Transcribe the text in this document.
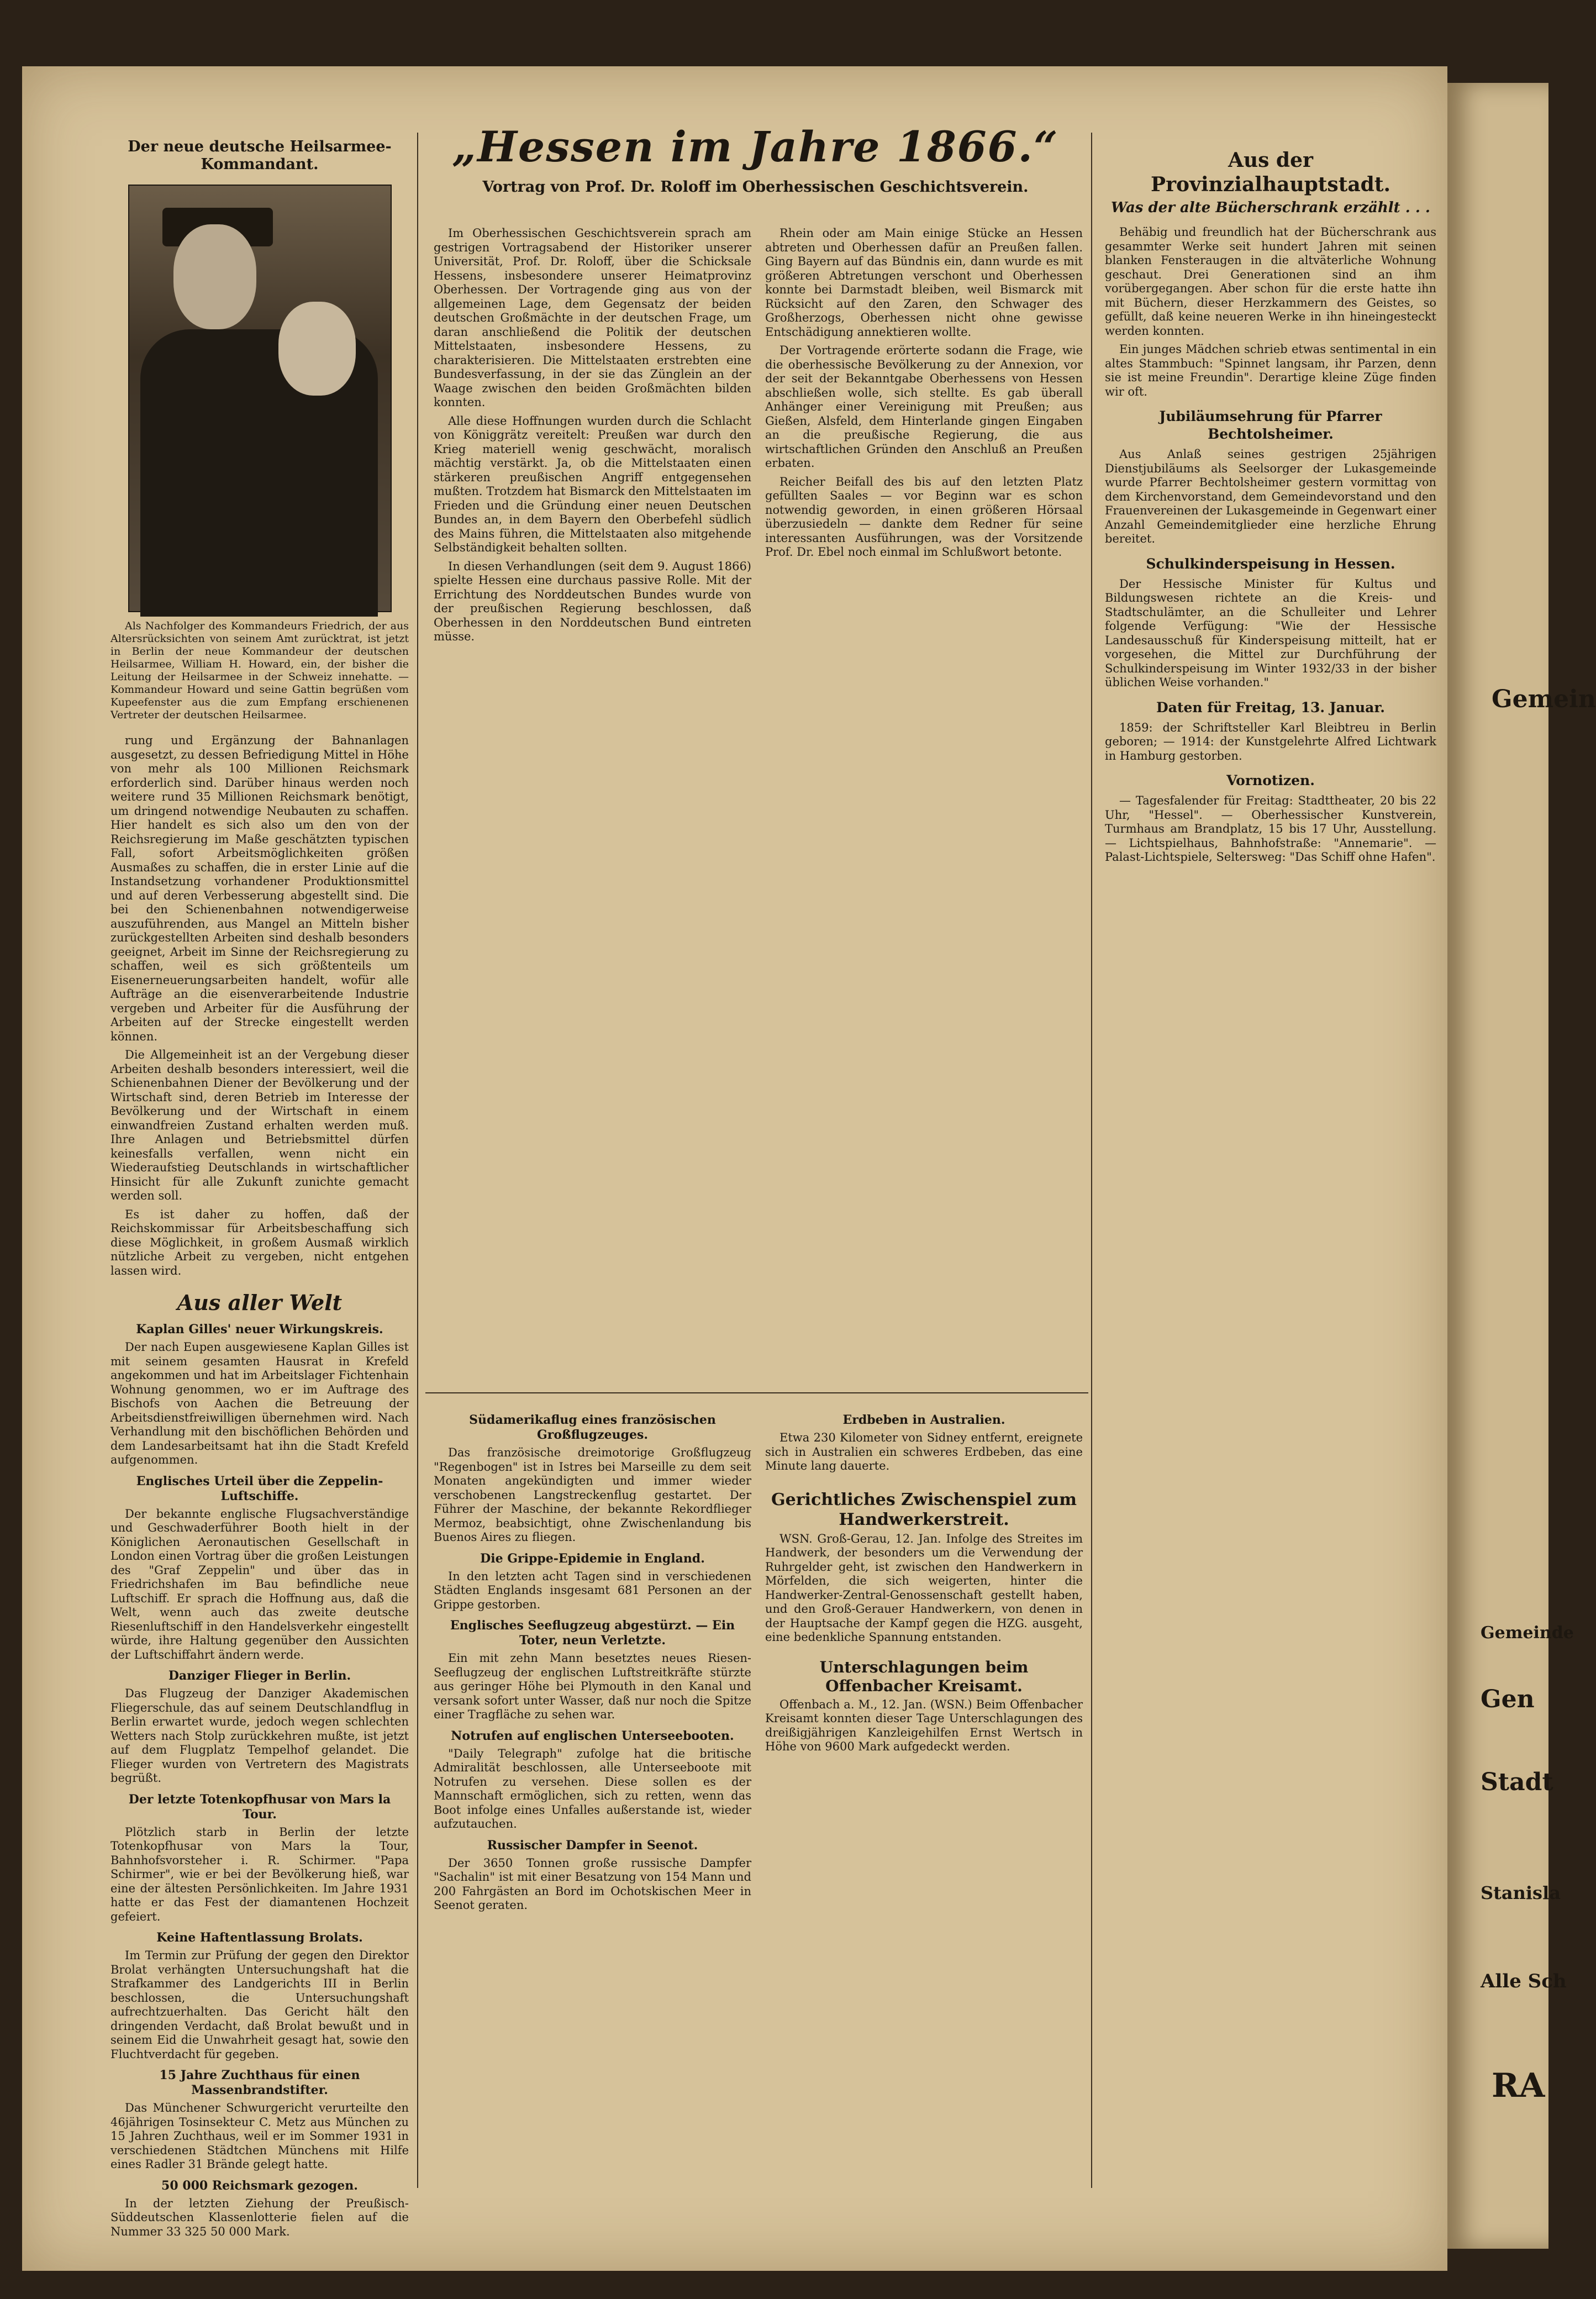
Der neue deutsche Heilsarmee-Kommandant.

Als Nachfolger des Kommandeurs Friedrich, der aus Altersrücksichten von seinem Amt zurücktrat, ist jetzt in Berlin der neue Kommandeur der deutschen Heilsarmee, William H. Howard, ein, der bisher die Leitung der Heilsarmee in der Schweiz innehatte. — Kommandeur Howard und seine Gattin begrüßen vom Kupeefenster aus die zum Empfang erschienenen Vertreter der deutschen Heilsarmee.

rung und Ergänzung der Bahnanlagen ausgesetzt, zu dessen Befriedigung Mittel in Höhe von mehr als 100 Millionen Reichsmark erforderlich sind. Darüber hinaus werden noch weitere rund 35 Millionen Reichsmark benötigt, um dringend notwendige Neubauten zu schaffen. Hier handelt es sich also um den von der Reichsregierung im Maße geschätzten typischen Fall, sofort Arbeitsmöglichkeiten größen Ausmaßes zu schaffen, die in erster Linie auf die Instandsetzung vorhandener Produktionsmittel und auf deren Verbesserung abgestellt sind. Die bei den Schienenbahnen notwendigerweise auszuführenden, aus Mangel an Mitteln bisher zurückgestellten Arbeiten sind deshalb besonders geeignet, Arbeit im Sinne der Reichsregierung zu schaffen, weil es sich größtenteils um Eisenerneuerungsarbeiten handelt, wofür alle Aufträge an die eisenverarbeitende Industrie vergeben und Arbeiter für die Ausführung der Arbeiten auf der Strecke eingestellt werden können.

Die Allgemeinheit ist an der Vergebung dieser Arbeiten deshalb besonders interessiert, weil die Schienenbahnen Diener der Bevölkerung und der Wirtschaft sind, deren Betrieb im Interesse der Bevölkerung und der Wirtschaft in einem einwandfreien Zustand erhalten werden muß. Ihre Anlagen und Betriebsmittel dürfen keinesfalls verfallen, wenn nicht ein Wiederaufstieg Deutschlands in wirtschaftlicher Hinsicht für alle Zukunft zunichte gemacht werden soll.

Es ist daher zu hoffen, daß der Reichskommissar für Arbeitsbeschaffung sich diese Möglichkeit, in großem Ausmaß wirklich nützliche Arbeit zu vergeben, nicht entgehen lassen wird.

Aus aller Welt
Kaplan Gilles' neuer Wirkungskreis.

Der nach Eupen ausgewiesene Kaplan Gilles ist mit seinem gesamten Hausrat in Krefeld angekommen und hat im Arbeitslager Fichtenhain Wohnung genommen, wo er im Auftrage des Bischofs von Aachen die Betreuung der Arbeitsdienstfreiwilligen übernehmen wird. Nach Verhandlung mit den bischöflichen Behörden und dem Landesarbeitsamt hat ihn die Stadt Krefeld aufgenommen.

Englisches Urteil über die Zeppelin-Luftschiffe.

Der bekannte englische Flugsachverständige und Geschwaderführer Booth hielt in der Königlichen Aeronautischen Gesellschaft in London einen Vortrag über die großen Leistungen des "Graf Zeppelin" und über das in Friedrichshafen im Bau befindliche neue Luftschiff. Er sprach die Hoffnung aus, daß die Welt, wenn auch das zweite deutsche Riesenluftschiff in den Handelsverkehr eingestellt würde, ihre Haltung gegenüber den Aussichten der Luftschiffahrt ändern werde.

Danziger Flieger in Berlin.

Das Flugzeug der Danziger Akademischen Fliegerschule, das auf seinem Deutschlandflug in Berlin erwartet wurde, jedoch wegen schlechten Wetters nach Stolp zurückkehren mußte, ist jetzt auf dem Flugplatz Tempelhof gelandet. Die Flieger wurden von Vertretern des Magistrats begrüßt.

Der letzte Totenkopfhusar von Mars la Tour.

Plötzlich starb in Berlin der letzte Totenkopfhusar von Mars la Tour, Bahnhofsvorsteher i. R. Schirmer. "Papa Schirmer", wie er bei der Bevölkerung hieß, war eine der ältesten Persönlichkeiten. Im Jahre 1931 hatte er das Fest der diamantenen Hochzeit gefeiert.

Keine Haftentlassung Brolats.

Im Termin zur Prüfung der gegen den Direktor Brolat verhängten Untersuchungshaft hat die Strafkammer des Landgerichts III in Berlin beschlossen, die Untersuchungshaft aufrechtzuerhalten. Das Gericht hält den dringenden Verdacht, daß Brolat bewußt und in seinem Eid die Unwahrheit gesagt hat, sowie den Fluchtverdacht für gegeben.

15 Jahre Zuchthaus für einen Massenbrandstifter.

Das Münchener Schwurgericht verurteilte den 46jährigen Tosinsekteur C. Metz aus München zu 15 Jahren Zuchthaus, weil er im Sommer 1931 in verschiedenen Städtchen Münchens mit Hilfe eines Radler 31 Brände gelegt hatte.

50 000 Reichsmark gezogen.

In der letzten Ziehung der Preußisch-Süddeutschen Klassenlotterie fielen auf die Nummer 33 325 50 000 Mark.

„Hessen im Jahre 1866.“
Vortrag von Prof. Dr. Roloff im Oberhessischen Geschichtsverein.

Im Oberhessischen Geschichtsverein sprach am gestrigen Vortragsabend der Historiker unserer Universität, Prof. Dr. Roloff, über die Schicksale Hessens, insbesondere unserer Heimatprovinz Oberhessen. Der Vortragende ging aus von der allgemeinen Lage, dem Gegensatz der beiden deutschen Großmächte in der deutschen Frage, um daran anschließend die Politik der deutschen Mittelstaaten, insbesondere Hessens, zu charakterisieren. Die Mittelstaaten erstrebten eine Bundesverfassung, in der sie das Zünglein an der Waage zwischen den beiden Großmächten bilden konnten.

Alle diese Hoffnungen wurden durch die Schlacht von Königgrätz vereitelt: Preußen war durch den Krieg materiell wenig geschwächt, moralisch mächtig verstärkt. Ja, ob die Mittelstaaten einen stärkeren preußischen Angriff entgegensehen mußten. Trotzdem hat Bismarck den Mittelstaaten im Frieden und die Gründung einer neuen Deutschen Bundes an, in dem Bayern den Oberbefehl südlich des Mains führen, die Mittelstaaten also mitgehende Selbständigkeit behalten sollten.

In diesen Verhandlungen (seit dem 9. August 1866) spielte Hessen eine durchaus passive Rolle. Mit der Errichtung des Norddeutschen Bundes wurde von der preußischen Regierung beschlossen, daß Oberhessen in den Norddeutschen Bund eintreten müsse.

Rhein oder am Main einige Stücke an Hessen abtreten und Oberhessen dafür an Preußen fallen. Ging Bayern auf das Bündnis ein, dann wurde es mit größeren Abtretungen verschont und Oberhessen konnte bei Darmstadt bleiben, weil Bismarck mit Rücksicht auf den Zaren, den Schwager des Großherzogs, Oberhessen nicht ohne gewisse Entschädigung annektieren wollte.

Der Vortragende erörterte sodann die Frage, wie die oberhessische Bevölkerung zu der Annexion, vor der seit der Bekanntgabe Oberhessens von Hessen abschließen wolle, sich stellte. Es gab überall Anhänger einer Vereinigung mit Preußen; aus Gießen, Alsfeld, dem Hinterlande gingen Eingaben an die preußische Regierung, die aus wirtschaftlichen Gründen den Anschluß an Preußen erbaten.

Reicher Beifall des bis auf den letzten Platz gefüllten Saales — vor Beginn war es schon notwendig geworden, in einen größeren Hörsaal überzusiedeln — dankte dem Redner für seine interessanten Ausführungen, was der Vorsitzende Prof. Dr. Ebel noch einmal im Schlußwort betonte.

Südamerikaflug eines französischen Großflugzeuges.

Das französische dreimotorige Großflugzeug "Regenbogen" ist in Istres bei Marseille zu dem seit Monaten angekündigten und immer wieder verschobenen Langstreckenflug gestartet. Der Führer der Maschine, der bekannte Rekordflieger Mermoz, beabsichtigt, ohne Zwischenlandung bis Buenos Aires zu fliegen.

Die Grippe-Epidemie in England.

In den letzten acht Tagen sind in verschiedenen Städten Englands insgesamt 681 Personen an der Grippe gestorben.

Englisches Seeflugzeug abgestürzt. — Ein Toter, neun Verletzte.

Ein mit zehn Mann besetztes neues Riesen-Seeflugzeug der englischen Luftstreitkräfte stürzte aus geringer Höhe bei Plymouth in den Kanal und versank sofort unter Wasser, daß nur noch die Spitze einer Tragfläche zu sehen war.

Notrufen auf englischen Unterseebooten.

"Daily Telegraph" zufolge hat die britische Admiralität beschlossen, alle Unterseeboote mit Notrufen zu versehen. Diese sollen es der Mannschaft ermöglichen, sich zu retten, wenn das Boot infolge eines Unfalles außerstande ist, wieder aufzutauchen.

Russischer Dampfer in Seenot.

Der 3650 Tonnen große russische Dampfer "Sachalin" ist mit einer Besatzung von 154 Mann und 200 Fahrgästen an Bord im Ochotskischen Meer in Seenot geraten.

Erdbeben in Australien.

Etwa 230 Kilometer von Sidney entfernt, ereignete sich in Australien ein schweres Erdbeben, das eine Minute lang dauerte.

Gerichtliches Zwischenspiel zum Handwerkerstreit.

WSN. Groß-Gerau, 12. Jan. Infolge des Streites im Handwerk, der besonders um die Verwendung der Ruhrgelder geht, ist zwischen den Handwerkern in Mörfelden, die sich weigerten, hinter die Handwerker-Zentral-Genossenschaft gestellt haben, und den Groß-Gerauer Handwerkern, von denen in der Hauptsache der Kampf gegen die HZG. ausgeht, eine bedenkliche Spannung entstanden.

Unterschlagungen beim Offenbacher Kreisamt.

Offenbach a. M., 12. Jan. (WSN.) Beim Offenbacher Kreisamt konnten dieser Tage Unterschlagungen des dreißigjährigen Kanzleigehilfen Ernst Wertsch in Höhe von 9600 Mark aufgedeckt werden.

Aus der Provinzialhauptstadt.
Was der alte Bücherschrank erzählt . . .

Behäbig und freundlich hat der Bücherschrank aus gesammter Werke seit hundert Jahren mit seinen blanken Fensteraugen in die altväterliche Wohnung geschaut. Drei Generationen sind an ihm vorübergegangen. Aber schon für die erste hatte ihn mit Büchern, dieser Herzkammern des Geistes, so gefüllt, daß keine neueren Werke in ihn hineingesteckt werden konnten.

Ein junges Mädchen schrieb etwas sentimental in ein altes Stammbuch: "Spinnet langsam, ihr Parzen, denn sie ist meine Freundin". Derartige kleine Züge finden wir oft.

Jubiläumsehrung für Pfarrer Bechtolsheimer.

Aus Anlaß seines gestrigen 25jährigen Dienstjubiläums als Seelsorger der Lukasgemeinde wurde Pfarrer Bechtolsheimer gestern vormittag von dem Kirchenvorstand, dem Gemeindevorstand und den Frauenvereinen der Lukasgemeinde in Gegenwart einer Anzahl Gemeindemitglieder eine herzliche Ehrung bereitet.

Schulkinderspeisung in Hessen.

Der Hessische Minister für Kultus und Bildungswesen richtete an die Kreis- und Stadtschulämter, an die Schulleiter und Lehrer folgende Verfügung: "Wie der Hessische Landesausschuß für Kinderspeisung mitteilt, hat er vorgesehen, die Mittel zur Durchführung der Schulkinderspeisung im Winter 1932/33 in der bisher üblichen Weise vorhanden."

Daten für Freitag, 13. Januar.

1859: der Schriftsteller Karl Bleibtreu in Berlin geboren; — 1914: der Kunstgelehrte Alfred Lichtwark in Hamburg gestorben.

Vornotizen.

— Tagesfalender für Freitag: Stadttheater, 20 bis 22 Uhr, "Hessel". — Oberhessischer Kunstverein, Turmhaus am Brandplatz, 15 bis 17 Uhr, Ausstellung. — Lichtspielhaus, Bahnhofstraße: "Annemarie". — Palast-Lichtspiele, Seltersweg: "Das Schiff ohne Hafen".

Gemein
Gemeinde
Gen
Stadt
Stanisla
Alle Sch
RA
